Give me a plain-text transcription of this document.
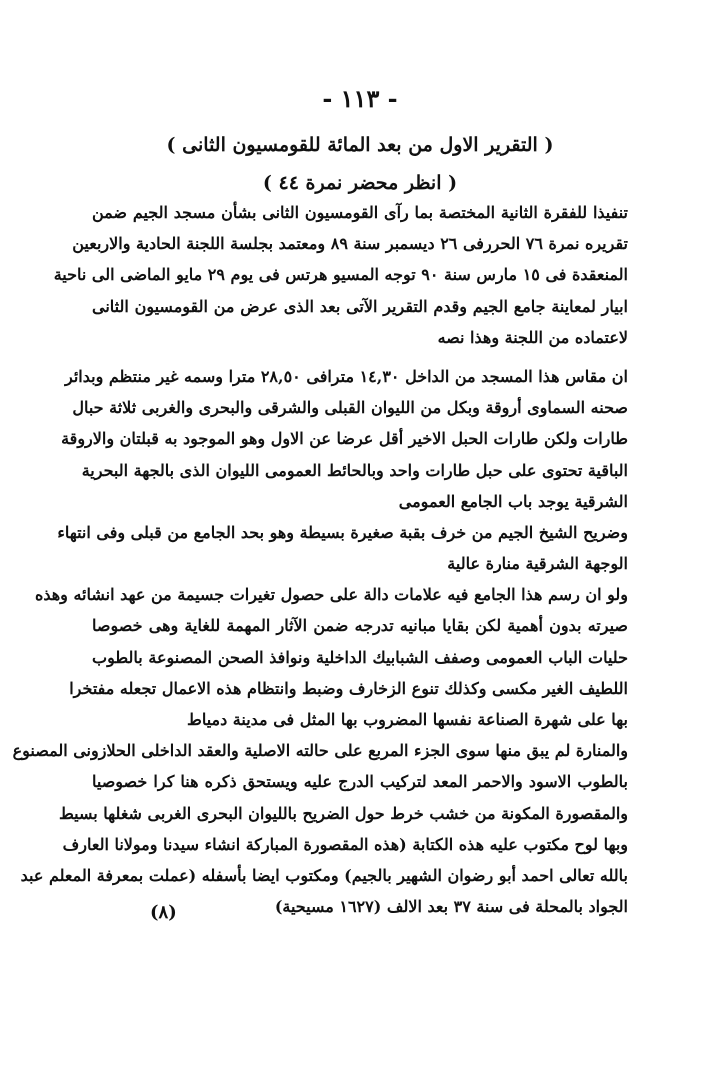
- ١١٣ -
( التقرير الاول من بعد المائة للقومسيون الثانى )
( انظر محضر نمرة ٤٤ )
تنفيذا للفقرة الثانية المختصة بما رآى القومسيون الثانى بشأن مسجد الجيم ضمن
تقريره نمرة ٧٦ الحررفى ٢٦ ديسمبر سنة ٨٩ ومعتمد بجلسة اللجنة الحادية والاربعين
المنعقدة فى ١٥ مارس سنة ٩٠ توجه المسيو هرتس فى يوم ٢٩ مايو الماضى الى ناحية
ابيار لمعاينة جامع الجيم وقدم التقرير الآتى بعد الذى عرض من القومسيون الثانى
لاعتماده من اللجنة وهذا نصه
ان مقاس هذا المسجد من الداخل ١٤,٣٠ مترافى ٢٨,٥٠ مترا وسمه غير منتظم وبدائر
صحنه السماوى أروقة وبكل من الليوان القبلى والشرقى والبحرى والغربى ثلاثة حبال
طارات ولكن طارات الحبل الاخير أقل عرضا عن الاول وهو الموجود به قبلتان والاروقة
الباقية تحتوى على حبل طارات واحد وبالحائط العمومى الليوان الذى بالجهة البحرية
الشرقية يوجد باب الجامع العمومى
وضريح الشيخ الجيم من خرف بقبة صغيرة بسيطة وهو بحد الجامع من قبلى وفى انتهاء
الوجهة الشرقية منارة عالية
ولو ان رسم هذا الجامع فيه علامات دالة على حصول تغيرات جسيمة من عهد انشائه وهذه
صيرته بدون أهمية لكن بقايا مبانيه تدرجه ضمن الآثار المهمة للغاية وهى خصوصا
حليات الباب العمومى وصفف الشبابيك الداخلية ونوافذ الصحن المصنوعة بالطوب
اللطيف الغير مكسى وكذلك تنوع الزخارف وضبط وانتظام هذه الاعمال تجعله مفتخرا
بها على شهرة الصناعة نفسها المضروب بها المثل فى مدينة دمياط
والمنارة لم يبق منها سوى الجزء المربع على حالته الاصلية والعقد الداخلى الحلازونى المصنوع
بالطوب الاسود والاحمر المعد لتركيب الدرج عليه ويستحق ذكره هنا كرا خصوصيا
والمقصورة المكونة من خشب خرط حول الضريح بالليوان البحرى الغربى شغلها بسيط
وبها لوح مكتوب عليه هذه الكتابة (هذه المقصورة المباركة انشاء سيدنا ومولانا العارف
بالله تعالى احمد أبو رضوان الشهير بالجيم) ومكتوب ايضا بأسفله (عملت بمعرفة المعلم عبد
الجواد بالمحلة فى سنة ٣٧ بعد الالف (١٦٢٧ مسيحية)
(٨)
